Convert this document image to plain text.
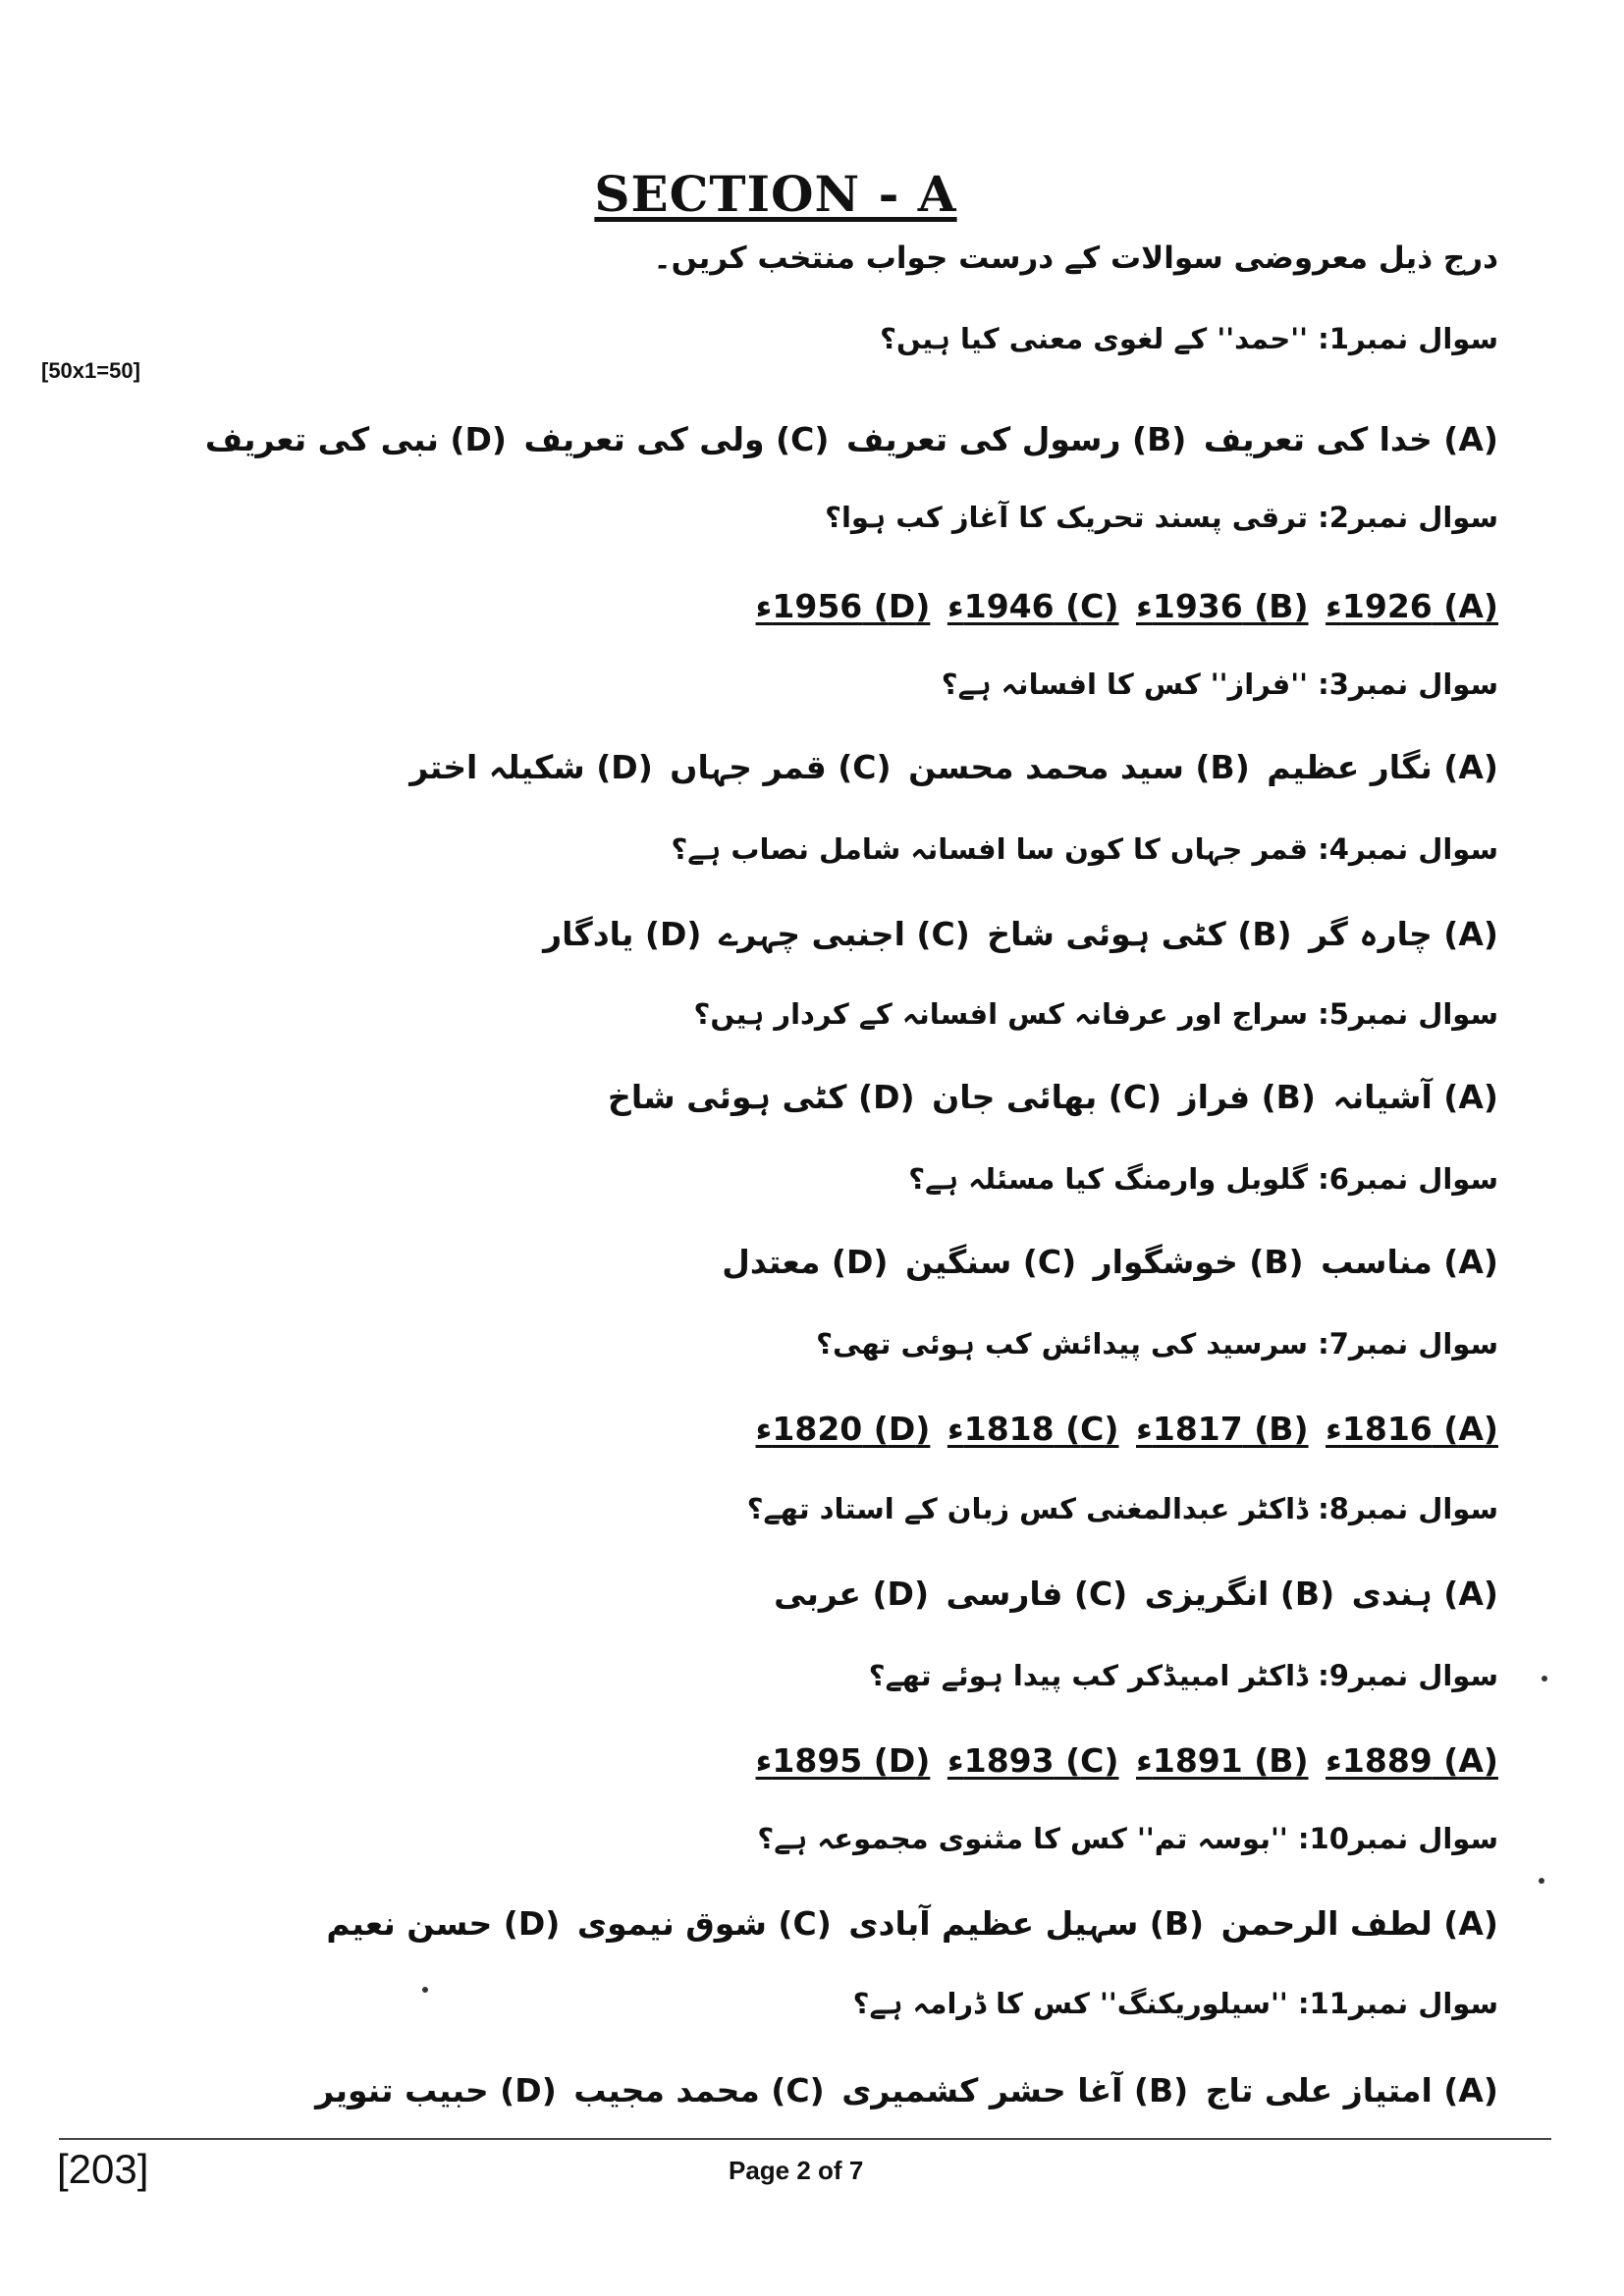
SECTION - A
[50x1=50]
درج ذیل معروضی سوالات کے درست جواب منتخب کریں۔
سوال نمبر1: ''حمد'' کے لغوی معنی کیا ہیں؟
(A) خدا کی تعریف (B) رسول کی تعریف (C) ولی کی تعریف (D) نبی کی تعریف
سوال نمبر2: ترقی پسند تحریک کا آغاز کب ہوا؟
(A) 1926ء (B) 1936ء (C) 1946ء (D) 1956ء
سوال نمبر3: ''فراز'' کس کا افسانہ ہے؟
(A) نگار عظیم (B) سید محمد محسن (C) قمر جہاں (D) شکیلہ اختر
سوال نمبر4: قمر جہاں کا کون سا افسانہ شامل نصاب ہے؟
(A) چارہ گر (B) کٹی ہوئی شاخ (C) اجنبی چہرے (D) یادگار
سوال نمبر5: سراج اور عرفانہ کس افسانہ کے کردار ہیں؟
(A) آشیانہ (B) فراز (C) بھائی جان (D) کٹی ہوئی شاخ
سوال نمبر6: گلوبل وارمنگ کیا مسئلہ ہے؟
(A) مناسب (B) خوشگوار (C) سنگین (D) معتدل
سوال نمبر7: سرسید کی پیدائش کب ہوئی تھی؟
(A) 1816ء (B) 1817ء (C) 1818ء (D) 1820ء
سوال نمبر8: ڈاکٹر عبدالمغنی کس زبان کے استاد تھے؟
(A) ہندی (B) انگریزی (C) فارسی (D) عربی
سوال نمبر9: ڈاکٹر امبیڈکر کب پیدا ہوئے تھے؟
(A) 1889ء (B) 1891ء (C) 1893ء (D) 1895ء
سوال نمبر10: ''بوسہ تم'' کس کا مثنوی مجموعہ ہے؟
(A) لطف الرحمن (B) سہیل عظیم آبادی (C) شوق نیموی (D) حسن نعیم
سوال نمبر11: ''سیلوریکنگ'' کس کا ڈرامہ ہے؟
(A) امتیاز علی تاج (B) آغا حشر کشمیری (C) محمد مجیب (D) حبیب تنویر
[203]	Page 2 of 7
